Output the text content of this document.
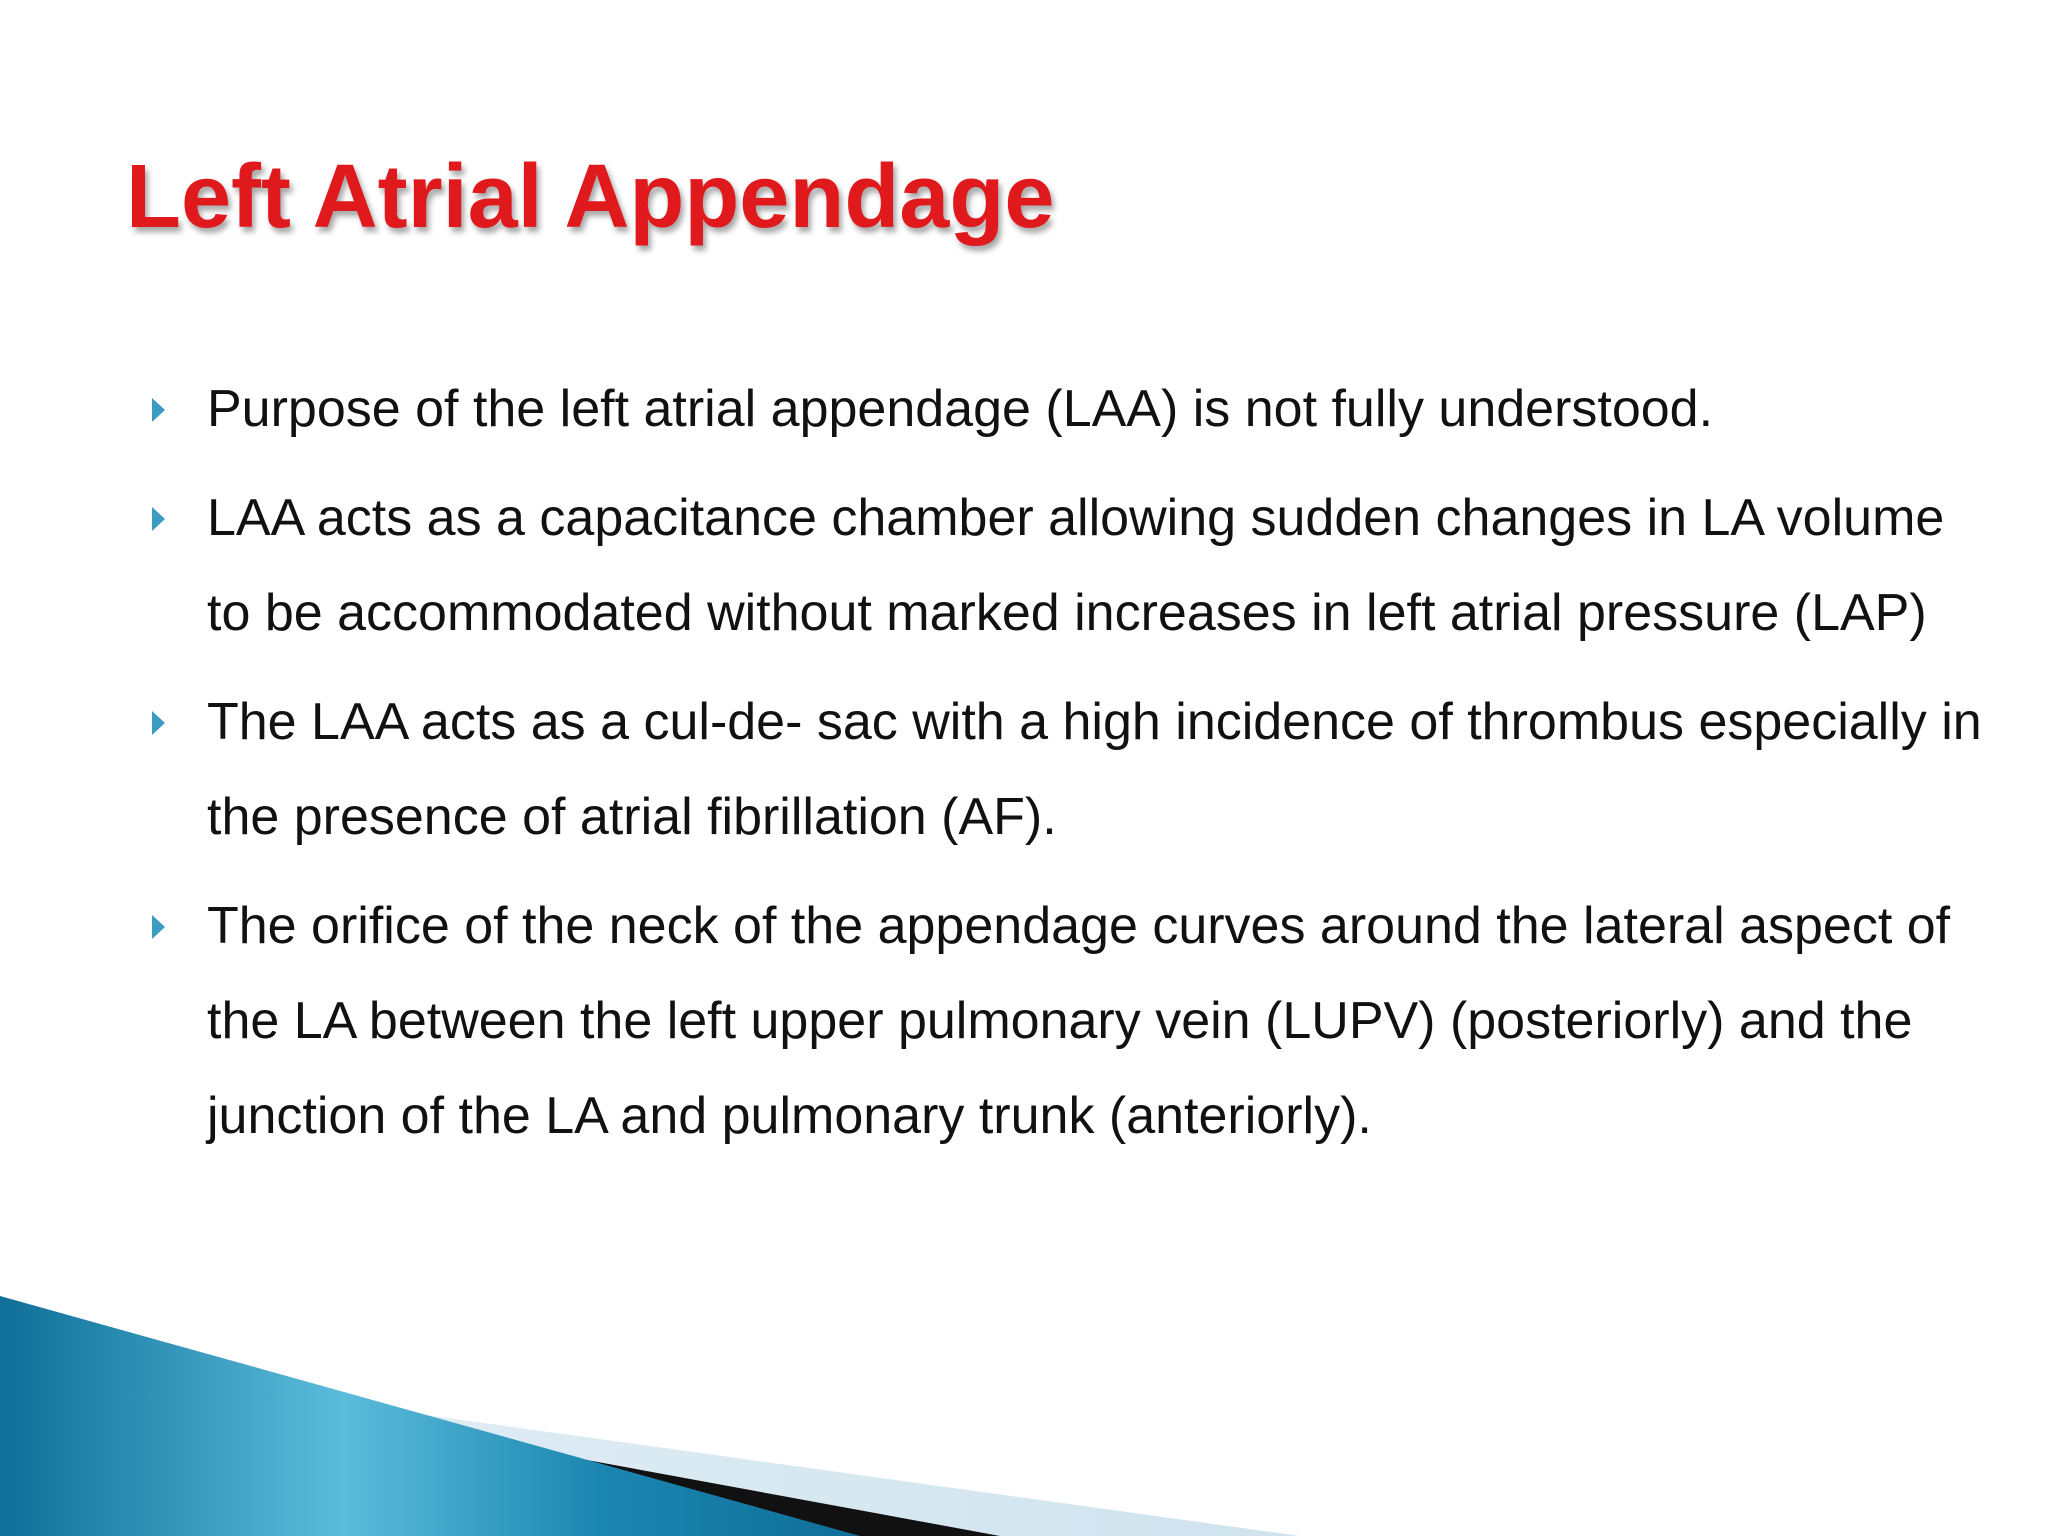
Left Atrial Appendage
Purpose of the left atrial appendage (LAA) is not fully understood.
LAA acts as a capacitance chamber allowing sudden changes in LA volume to be accommodated without marked increases in left atrial pressure (LAP)
The LAA acts as a cul-de- sac with a high incidence of thrombus especially in the presence of atrial fibrillation (AF).
The orifice of the neck of the appendage curves around the lateral aspect of the LA between the left upper pulmonary vein (LUPV) (posteriorly) and the junction of the LA and pulmonary trunk (anteriorly).
